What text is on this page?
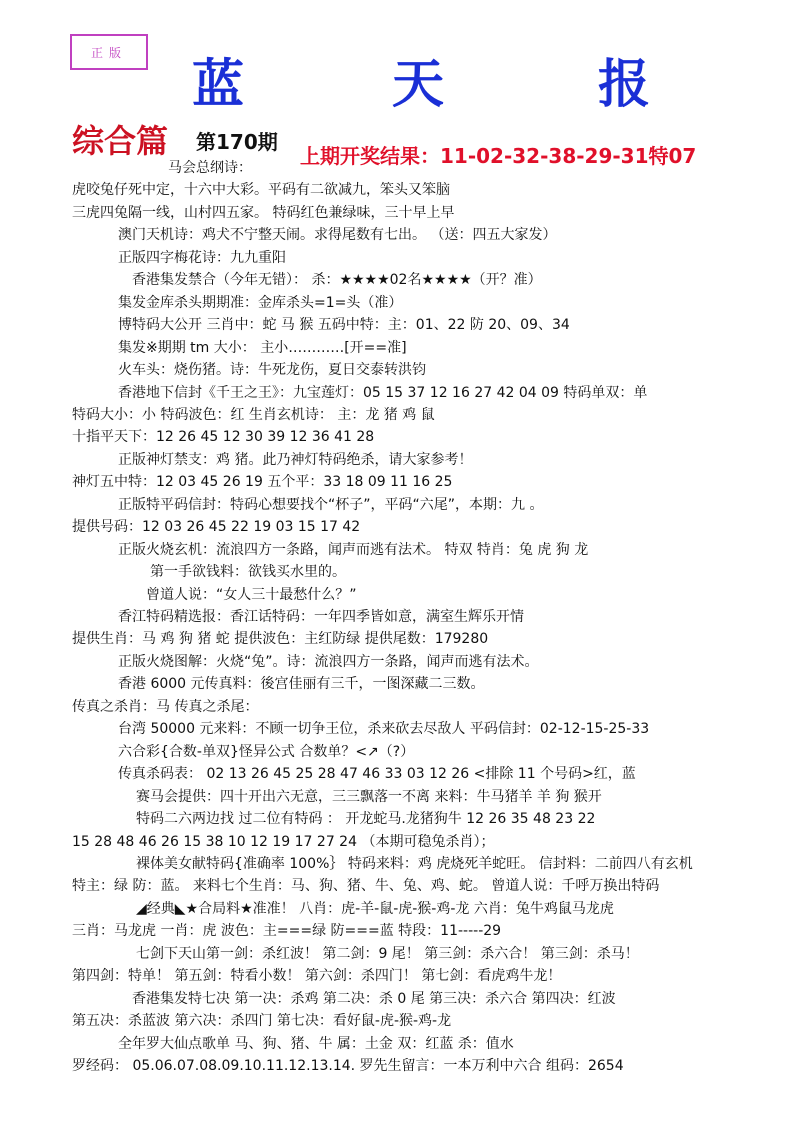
正版
蓝	天	报
综合篇 第170期
上期开奖结果：11-02-32-38-29-31特07
马会总纲诗：
虎咬兔仔死中定，十六中大彩。平码有二欲减九，笨头又笨脑
三虎四兔隔一线，山村四五家。 特码红色兼绿味，三十早上早
澳门天机诗：鸡犬不宁整天闹。求得尾数有七出。 （送：四五大家发）
正版四字梅花诗：九九重阳
香港集发禁合（今年无错）： 杀：★★★★02名★★★★（开？准）
集发金库杀头期期准：金库杀头=1=头（准）
博特码大公开 三肖中：蛇 马 猴 五码中特：主：01、22 防 20、09、34
集发※期期 tm 大小： 主小…………[开==准]
火车头：烧伤猪。诗：牛死龙伤，夏日交泰转洪钧
香港地下信封《千王之王》：九宝莲灯：05 15 37 12 16 27 42 04 09 特码单双：单
特码大小：小 特码波色：红 生肖玄机诗： 主：龙 猪 鸡 鼠
十指平天下：12 26 45 12 30 39 12 36 41 28
正版神灯禁支：鸡 猪。此乃神灯特码绝杀，请大家参考！
神灯五中特：12 03 45 26 19 五个平：33 18 09 11 16 25
正版特平码信封：特码心想要找个“杯子”，平码“六尾”，本期：九 。
提供号码：12 03 26 45 22 19 03 15 17 42
正版火烧玄机：流浪四方一条路，闻声而逃有法术。 特双 特肖：兔 虎 狗 龙
第一手欲钱料：欲钱买水里的。
曾道人说：“女人三十最愁什么？”
香江特码精选报：香江话特码：一年四季皆如意，满室生辉乐开情
提供生肖：马 鸡 狗 猪 蛇 提供波色：主红防绿 提供尾数：179280
正版火烧图解：火烧“兔”。诗：流浪四方一条路，闻声而逃有法术。
香港 6000 元传真料：後宫佳丽有三千，一图深藏二三数。
传真之杀肖：马 传真之杀尾：
台湾 50000 元来料：不顾一切争王位，杀来砍去尽敌人 平码信封：02-12-15-25-33
六合彩{合数-单双}怪异公式 合数单？<↗（?）
传真杀码表： 02 13 26 45 25 28 47 46 33 03 12 26 <排除 11 个号码>红，蓝
赛马会提供：四十开出六无意，三三飘落一不离 来料：牛马猪羊 羊 狗 猴开
特码二六两边找 过二位有特码 ： 开龙蛇马.龙猪狗牛 12 26 35 48 23 22
15 28 48 46 26 15 38 10 12 19 17 27 24 （本期可稳兔杀肖）；
裸体美女献特码{准确率 100%｝ 特码来料：鸡 虎烧死羊蛇旺。 信封料：二前四八有玄机
特主：绿 防：蓝。 来料七个生肖：马、狗、猪、牛、兔、鸡、蛇。 曾道人说：千呼万换出特码
◢经典◣★合局料★准准！ 八肖：虎-羊-鼠-虎-猴-鸡-龙 六肖：兔牛鸡鼠马龙虎
三肖：马龙虎 一肖：虎 波色：主===绿 防===蓝 特段：11-----29
七剑下天山第一剑：杀红波！ 第二剑：9 尾！ 第三剑：杀六合！ 第三剑：杀马！
第四剑：特单！ 第五剑：特看小数！ 第六剑：杀四门！ 第七剑：看虎鸡牛龙！
香港集发特七决 第一决：杀鸡 第二决：杀 0 尾 第三决：杀六合 第四决：红波
第五决：杀蓝波 第六决：杀四门 第七决：看好鼠-虎-猴-鸡-龙
全年罗大仙点歌单 马、狗、猪、牛 属：土金 双：红蓝 杀：值水
罗经码： 05.06.07.08.09.10.11.12.13.14. 罗先生留言：一本万利中六合 组码：2654
